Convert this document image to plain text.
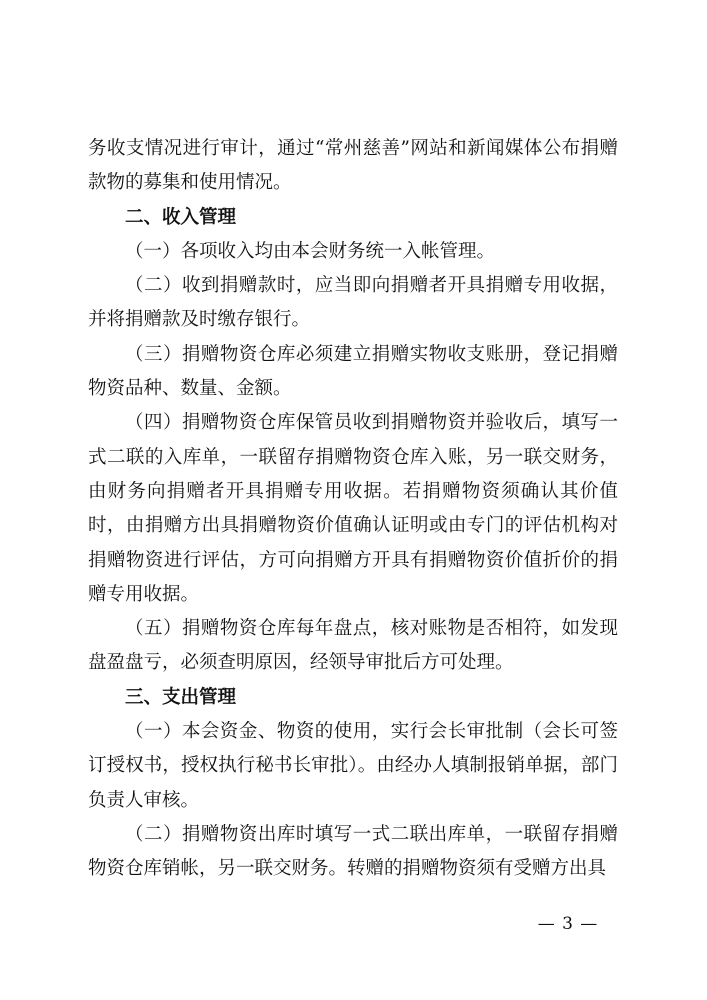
务收支情况进行审计，通过“常州慈善”网站和新闻媒体公布捐赠款物的募集和使用情况。

二、收入管理

（一）各项收入均由本会财务统一入帐管理。

（二）收到捐赠款时，应当即向捐赠者开具捐赠专用收据，并将捐赠款及时缴存银行。

（三）捐赠物资仓库必须建立捐赠实物收支账册，登记捐赠物资品种、数量、金额。

（四）捐赠物资仓库保管员收到捐赠物资并验收后，填写一式二联的入库单，一联留存捐赠物资仓库入账，另一联交财务，由财务向捐赠者开具捐赠专用收据。若捐赠物资须确认其价值时，由捐赠方出具捐赠物资价值确认证明或由专门的评估机构对捐赠物资进行评估，方可向捐赠方开具有捐赠物资价值折价的捐赠专用收据。

（五）捐赠物资仓库每年盘点，核对账物是否相符，如发现盘盈盘亏，必须查明原因，经领导审批后方可处理。

三、支出管理

（一）本会资金、物资的使用，实行会长审批制（会长可签订授权书，授权执行秘书长审批）。由经办人填制报销单据，部门负责人审核。

（二）捐赠物资出库时填写一式二联出库单，一联留存捐赠物资仓库销帐，另一联交财务。转赠的捐赠物资须有受赠方出具

— 3 —
